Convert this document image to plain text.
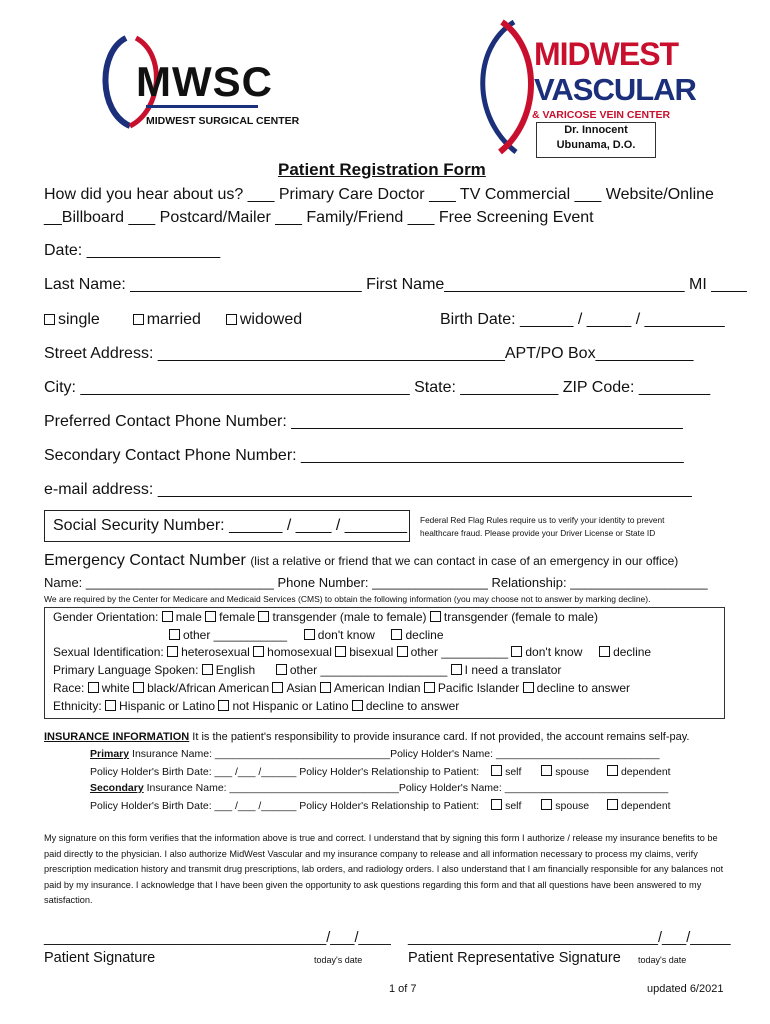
MWSC
MIDWEST SURGICAL CENTER
MIDWEST
VASCULAR
& VARICOSE VEIN CENTER
Dr. Innocent
Ubunama, D.O.
Patient Registration Form
How did you hear about us? ___ Primary Care Doctor ___ TV Commercial ___ Website/Online
__Billboard ___ Postcard/Mailer ___ Family/Friend ___ Free Screening Event
Date: _______________
Last Name: __________________________ First Name___________________________ MI ____
single	married widowed	Birth Date: ______ / _____ / _________
Street Address: _______________________________________APT/PO Box___________
City: _____________________________________ State: ___________ ZIP Code: ________
Preferred Contact Phone Number: ____________________________________________
Secondary Contact Phone Number: ___________________________________________
e-mail address: ____________________________________________________________
Social Security Number: ______ / ____ / _______ Federal Red Flag Rules require us to verify your identity to prevent
healthcare fraud. Please provide your Driver License or State ID
Emergency Contact Number (list a relative or friend that we can contact in case of an emergency in our office)
Name: __________________________ Phone Number: ________________ Relationship: ___________________
We are required by the Center for Medicare and Medicaid Services (CMS) to obtain the following information (you may choose not to answer by marking decline).
Gender Orientation: male female transgender (male to female) transgender (female to male)
other ___________	don't know	decline
Sexual Identification: heterosexual homosexual bisexual other __________ don't know	decline
Primary Language Spoken: English	other ___________________ I need a translator
Race: white black/African American Asian American Indian Pacific Islander decline to answer
Ethnicity: Hispanic or Latino not Hispanic or Latino decline to answer
INSURANCE INFORMATION It is the patient's responsibility to provide insurance card. If not provided, the account remains self-pay.
Primary Insurance Name: ______________________________Policy Holder's Name: ____________________________
Policy Holder's Birth Date: ___ /___ /______ Policy Holder's Relationship to Patient: self	spouse	dependent
Secondary Insurance Name: _____________________________Policy Holder's Name: ____________________________
Policy Holder's Birth Date: ___ /___ /______ Policy Holder's Relationship to Patient: self	spouse	dependent
My signature on this form verifies that the information above is true and correct. I understand that by signing this form I authorize / release my insurance benefits to be paid directly to the physician. I also authorize MidWest Vascular and my insurance company to release and all information necessary to process my claims, verify prescription medication history and transmit drug prescriptions, lab orders, and radiology orders. I also understand that I am financially responsible for any balances not paid by my insurance. I acknowledge that I have been given the opportunity to ask questions regarding this form and that all questions have been answered to my satisfaction.
___________________________________/___/____ _______________________________/___/_____
Patient Signature	today's date	Patient Representative Signature today's date
1 of 7	updated 6/2021
